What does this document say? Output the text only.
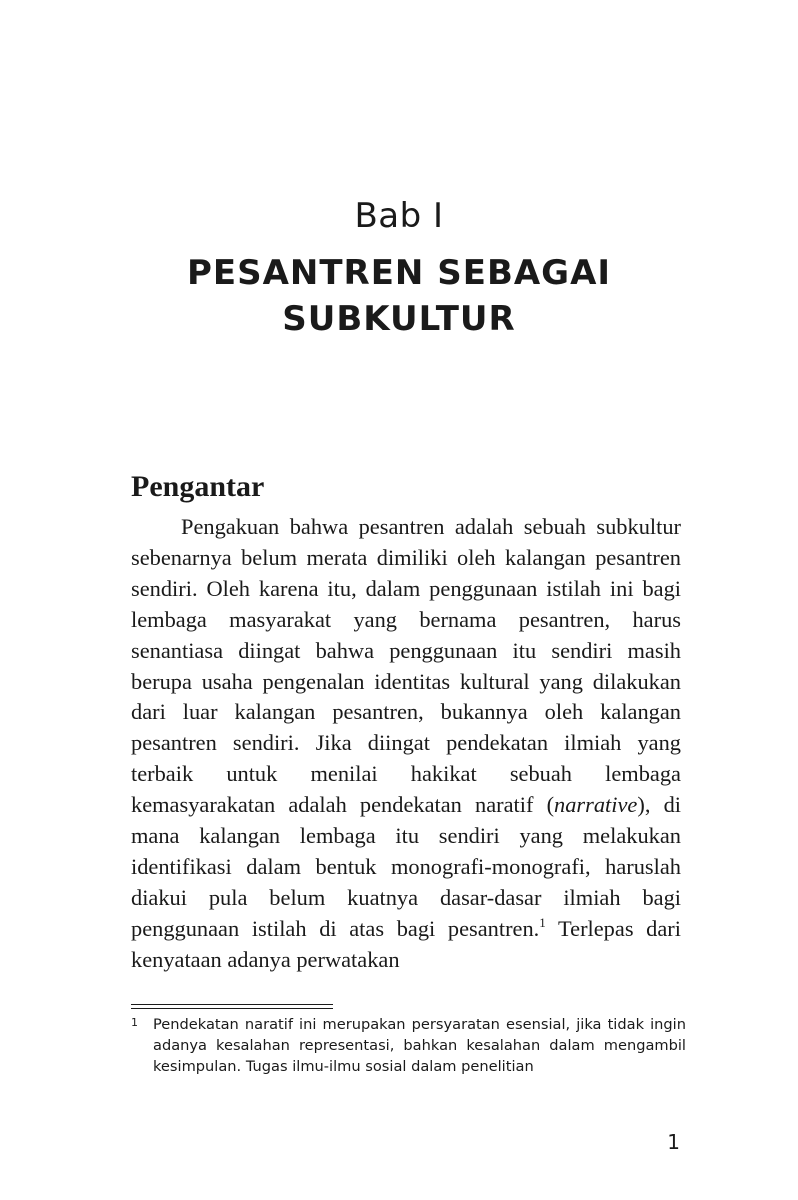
Bab I
PESANTREN SEBAGAI
SUBKULTUR
Pengantar

Pengakuan bahwa pesantren adalah sebuah subkultur sebenarnya belum merata dimiliki oleh kalangan pesantren sendiri. Oleh karena itu, dalam penggunaan istilah ini bagi lembaga masyarakat yang bernama pesantren, harus senantiasa diingat bahwa penggunaan itu sendiri masih berupa usaha pengenalan identitas kultural yang dilakukan dari luar kalangan pesantren, bukannya oleh kalangan pesantren sendiri. Jika diingat pendekatan ilmiah yang terbaik untuk menilai hakikat sebuah lembaga kemasyarakatan adalah pendekatan naratif (narrative), di mana kalangan lembaga itu sendiri yang melakukan identifikasi dalam bentuk monografi-monografi, haruslah diakui pula belum kuatnya dasar-dasar ilmiah bagi penggunaan istilah di atas bagi pesantren.$^1$ Terlepas dari kenyataan adanya perwatakan

1 Pendekatan naratif ini merupakan persyaratan esensial, jika tidak ingin adanya kesalahan representasi, bahkan kesalahan dalam mengambil kesimpulan. Tugas ilmu-ilmu sosial dalam penelitian
1
